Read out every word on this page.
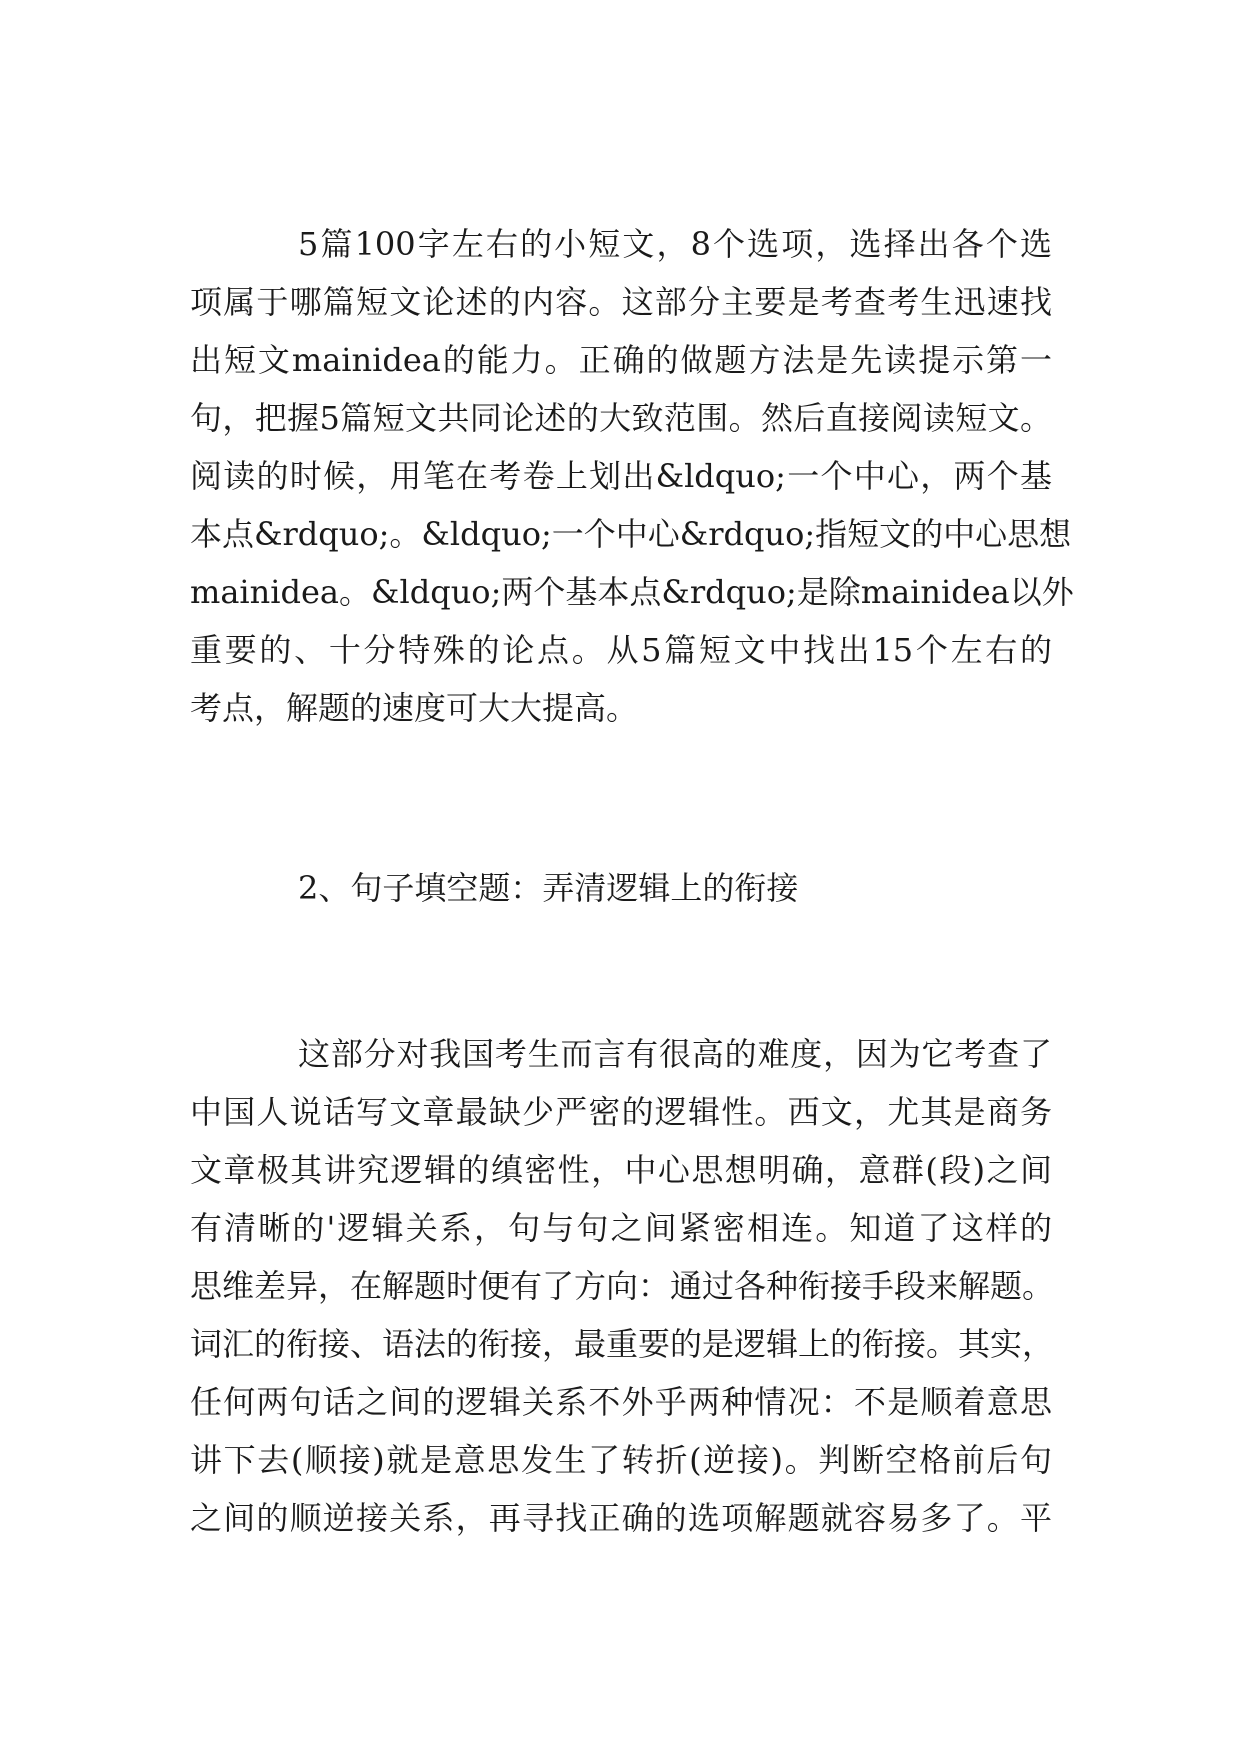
5篇100字左右的小短文，8个选项，选择出各个选
项属于哪篇短文论述的内容。这部分主要是考查考生迅速找
出短文mainidea的能力。正确的做题方法是先读提示第一
句，把握5篇短文共同论述的大致范围。然后直接阅读短文。
阅读的时候，用笔在考卷上划出&ldquo;一个中心，两个基
本点&rdquo;。&ldquo;一个中心&rdquo;指短文的中心思想
mainidea。&ldquo;两个基本点&rdquo;是除mainidea以外
重要的、十分特殊的论点。从5篇短文中找出15个左右的
考点，解题的速度可大大提高。
2、句子填空题：弄清逻辑上的衔接
这部分对我国考生而言有很高的难度，因为它考查了
中国人说话写文章最缺少严密的逻辑性。西文，尤其是商务
文章极其讲究逻辑的缜密性，中心思想明确，意群(段)之间
有清晰的'逻辑关系，句与句之间紧密相连。知道了这样的
思维差异，在解题时便有了方向：通过各种衔接手段来解题。
词汇的衔接、语法的衔接，最重要的是逻辑上的衔接。其实，
任何两句话之间的逻辑关系不外乎两种情况：不是顺着意思
讲下去(顺接)就是意思发生了转折(逆接)。判断空格前后句
之间的顺逆接关系，再寻找正确的选项解题就容易多了。平
